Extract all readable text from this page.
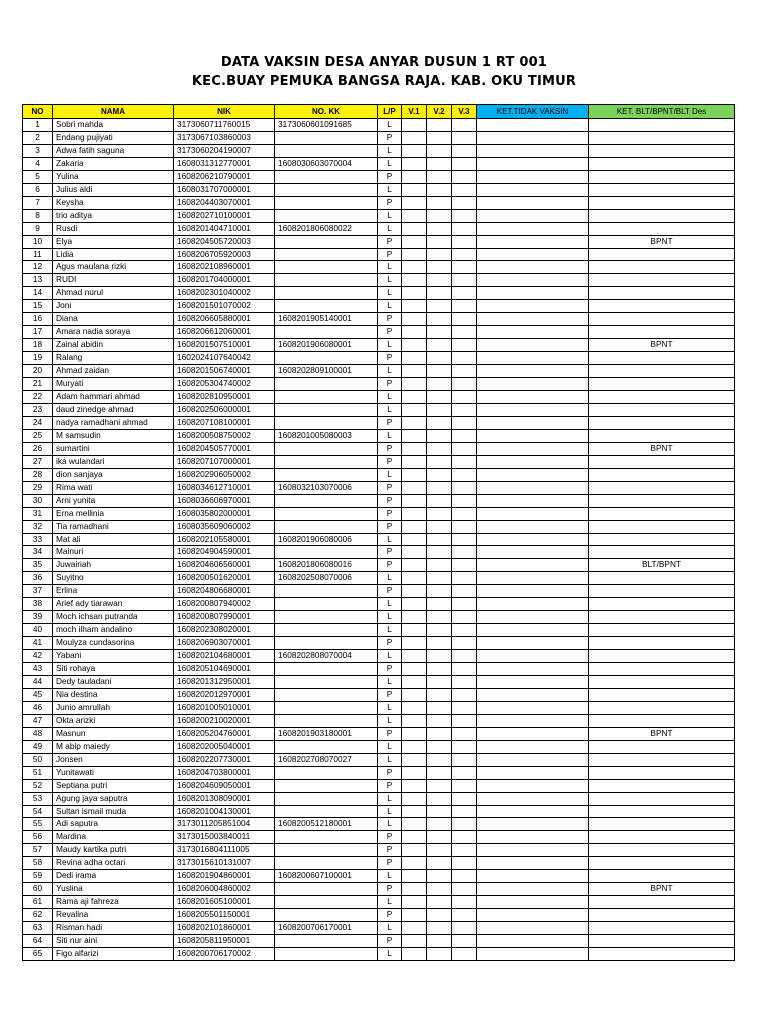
DATA VAKSIN DESA ANYAR DUSUN 1 RT 001
KEC.BUAY PEMUKA BANGSA RAJA. KAB. OKU TIMUR
NO	NAMA	NIK	NO. KK	L/P	V.1	V.2	V.3	KET.TIDAK VAKSIN	KET. BLT/BPNT/BLT Des
1	Sobri mahda	3173060711760015	3173060601091685	L					
2	Endang pujiyati	3173067103860003		P					
3	Adwa fatih saguna	3173060204190007		L					
4	Zakaria	1608031312770001	1608030603070004	L					
5	Yulina	1608206210790001		P					
6	Julius aldi	1608031707000001		L					
7	Keysha	1608204403070001		P					
8	trio aditya	1608202710100001		L					
9	Rusdi	1608201404710001	1608201806080022	L					
10	Elya	1608204505720003		P					BPNT
11	Lidia	1608206705920003		P					
12	Agus maulana rizki	1608202108960001		L					
13	RUDI	1608201704000001		L					
14	Ahmad nurul	1608202301040002		L					
15	Joni	1608201501070002		L					
16	Diana	1608206605880001	1608201905140001	P					
17	Amara nadia soraya	1608206612060001		P					
18	Zainal abidin	1608201507510001	1608201906080001	L					BPNT
19	Ralang	1602024107640042		P					
20	Ahmad zaidan	1608201506740001	1608202809100001	L					
21	Muryati	1608205304740002		P					
22	Adam hammari ahmad	1608202810950001		L					
23	daud zinedge ahmad	1608202506000001		L					
24	nadya ramadhani ahmad	1608207108100001		P					
25	M samsudin	1608200508750002	1608201005080003	L					
26	sumartini	1608204505770001		P					BPNT
27	ika wulandari	1608207107000001		P					
28	dion sanjaya	1608202906050002		L					
29	Rima wati	1608034612710001	1608032103070006	P					
30	Arni yunita	1608036606970001		P					
31	Erna mellinia	1608035802000001		P					
32	Tia ramadhani	1608035609060002		P					
33	Mat ali	1608202105580001	1608201906080006	L					
34	Mainuri	1608204904590001		P					
35	Juwairiah	1608204606560001	1608201806080016	P					BLT/BPNT
36	Suyitno	1608200501620001	1608202508070006	L					
37	Erlina	1608204806680001		P					
38	Arief ady tiarawan	1608200807940002		L					
39	Moch ichsan putranda	1608200807990001		L					
40	moch ilham andalino	1608202308020001		L					
41	Moulyza cundasorina	1608206903070001		P					
42	Yabani	1608202104680001	1608202808070004	L					
43	Siti rohaya	1608205104690001		P					
44	Dedy tauladani	1608201312950001		L					
45	Nia destina	1608202012970001		P					
46	Junio amrullah	1608201005010001		L					
47	Okta arizki	1608200210020001		L					
48	Masnun	1608205204760001	1608201903180001	P					BPNT
49	M abip maiedy	1608202005040001		L					
50	Jonsen	1608202207730001	1608202708070027	L					
51	Yunitawati	1608204703800001		P					
52	Septiana putri	1608204609050001		P					
53	Agung jaya saputra	1608201308090001		L					
54	Sultan ismail muda	1608201004130001		L					
55	Adi saputra	3173011205851004	1608200512180001	L					
56	Mardina	3173015003840011		P					
57	Maudy kartika putri	3173016804111005		P					
58	Revina adha octari	3173015610131007		P					
59	Dedi irama	1608201904860001	1608200607100001	L					
60	Yuslina	1608206004860002		P					BPNT
61	Rama aji fahreza	1608201605100001		L					
62	Revalina	1608205501150001		P					
63	Risman hadi	1608202101860001	1608200706170001	L					
64	Siti nur aini	1608205811950001		P					
65	Figo alfarizi	1608200706170002		L					
